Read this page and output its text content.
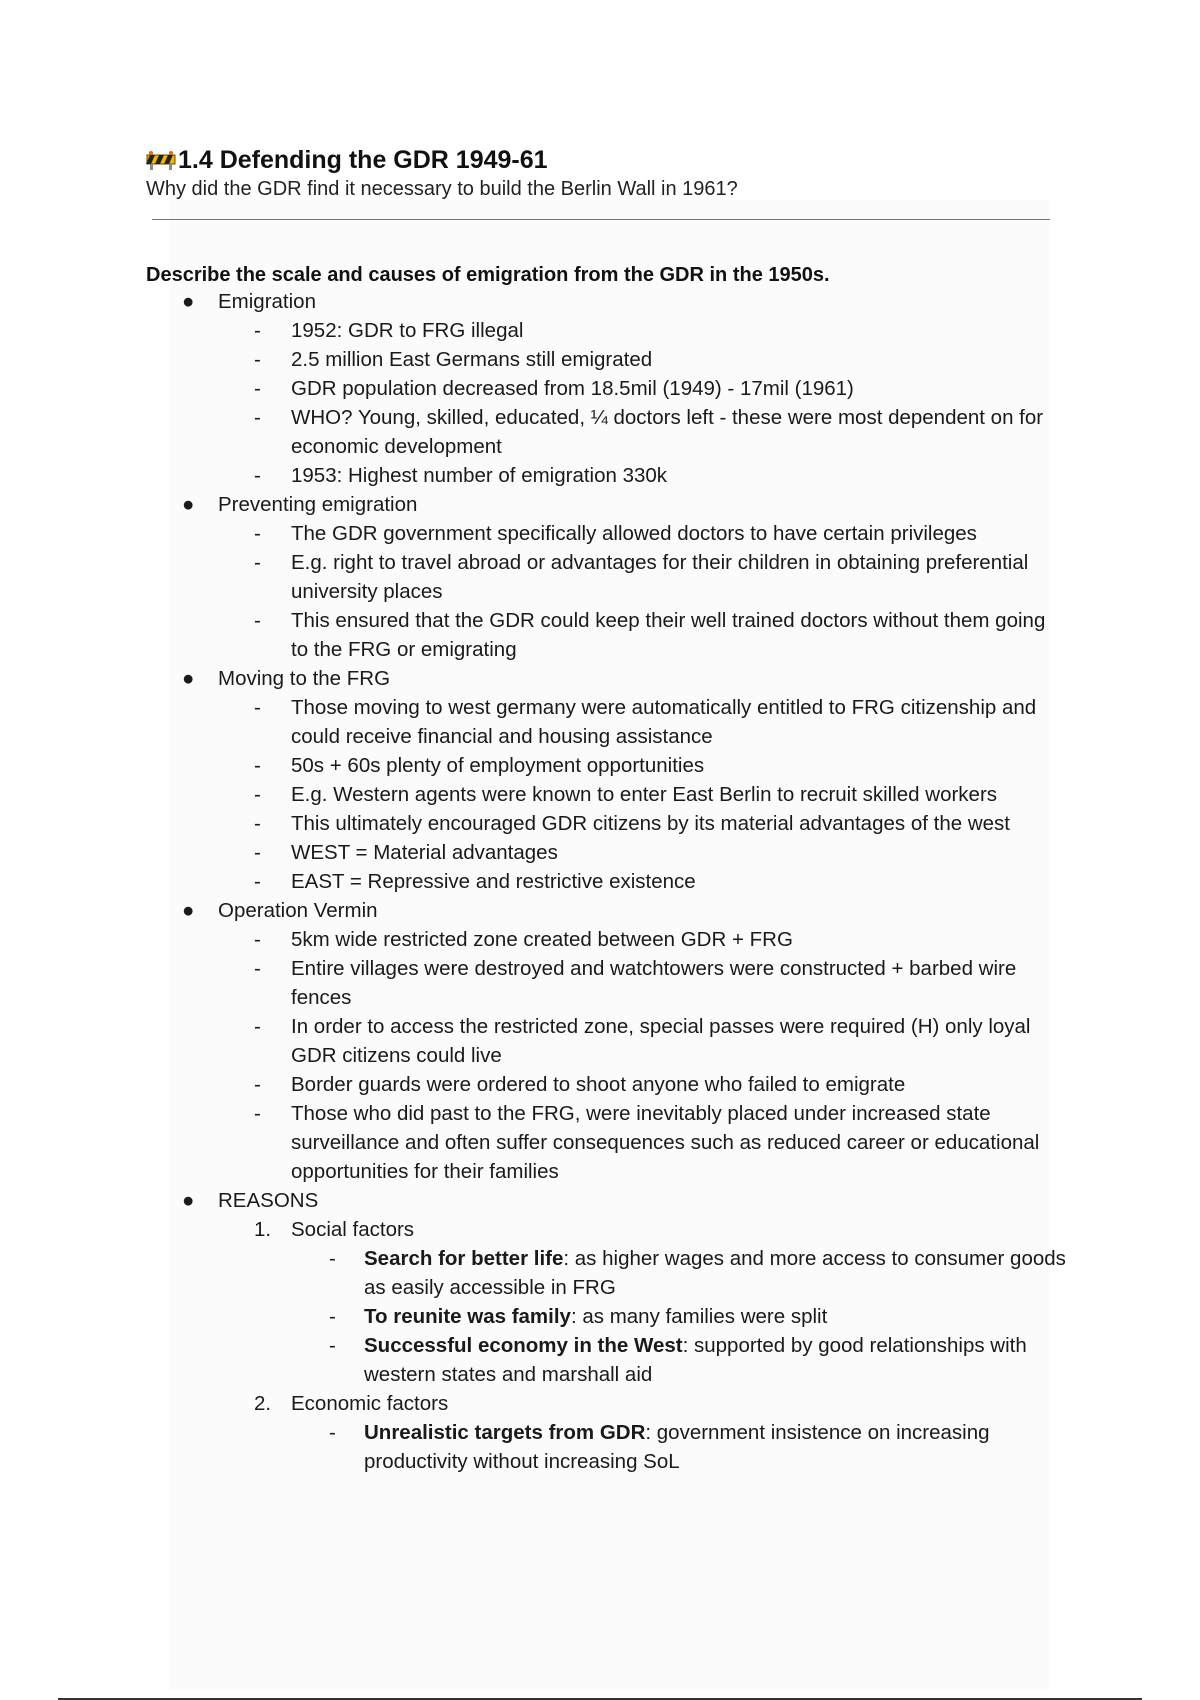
1.4 Defending the GDR 1949-61
Why did the GDR find it necessary to build the Berlin Wall in 1961?
Describe the scale and causes of emigration from the GDR in the 1950s.
● Emigration
- 1952: GDR to FRG illegal
- 2.5 million East Germans still emigrated
- GDR population decreased from 18.5mil (1949) - 17mil (1961)
- WHO? Young, skilled, educated, ¼ doctors left - these were most dependent on for economic development
- 1953: Highest number of emigration 330k
● Preventing emigration
- The GDR government specifically allowed doctors to have certain privileges
- E.g. right to travel abroad or advantages for their children in obtaining preferential university places
- This ensured that the GDR could keep their well trained doctors without them going to the FRG or emigrating
● Moving to the FRG
- Those moving to west germany were automatically entitled to FRG citizenship and could receive financial and housing assistance
- 50s + 60s plenty of employment opportunities
- E.g. Western agents were known to enter East Berlin to recruit skilled workers
- This ultimately encouraged GDR citizens by its material advantages of the west
- WEST = Material advantages
- EAST = Repressive and restrictive existence
● Operation Vermin
- 5km wide restricted zone created between GDR + FRG
- Entire villages were destroyed and watchtowers were constructed + barbed wire fences
- In order to access the restricted zone, special passes were required (H) only loyal GDR citizens could live
- Border guards were ordered to shoot anyone who failed to emigrate
- Those who did past to the FRG, were inevitably placed under increased state surveillance and often suffer consequences such as reduced career or educational opportunities for their families
● REASONS
1. Social factors
- Search for better life: as higher wages and more access to consumer goods as easily accessible in FRG
- To reunite was family: as many families were split
- Successful economy in the West: supported by good relationships with western states and marshall aid
2. Economic factors
- Unrealistic targets from GDR: government insistence on increasing productivity without increasing SoL
